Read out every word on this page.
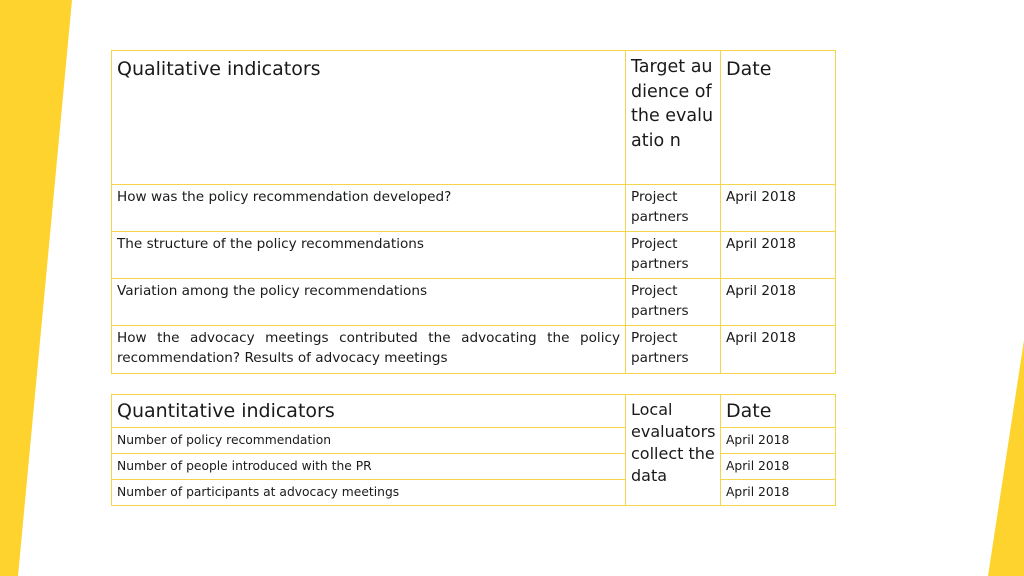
Qualitative indicators	Target audience of the evaluatio n	Date
How was the policy recommendation developed?	Project partners	April 2018
The structure of the policy recommendations	Project partners	April 2018
Variation among the policy recommendations	Project partners	April 2018
How the advocacy meetings contributed the advocating the policy recommendation? Results of advocacy meetings	Project partners	April 2018
Quantitative indicators	Local evaluators collect the data	Date
Number of policy recommendation		April 2018
Number of people introduced with the PR		April 2018
Number of participants at advocacy meetings		April 2018
